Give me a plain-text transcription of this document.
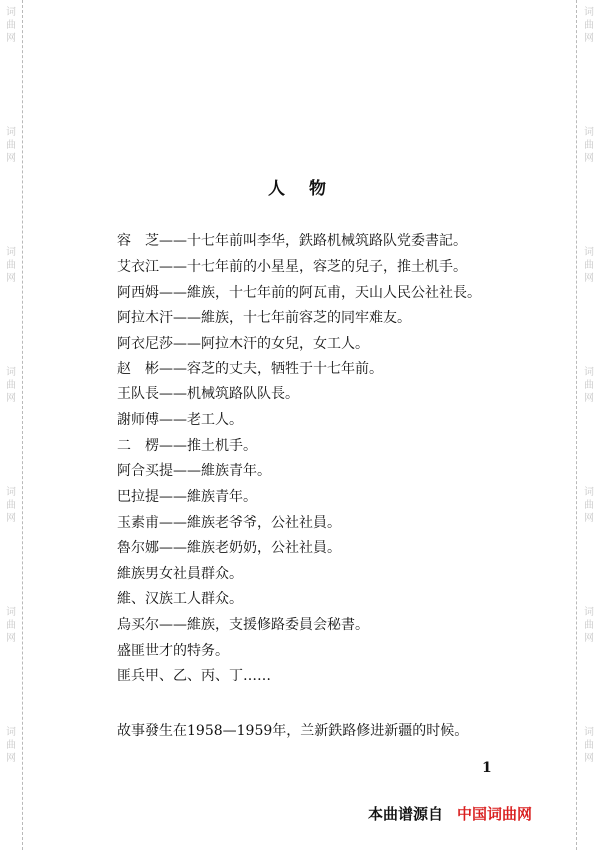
词
曲
网
词
曲
网
词
曲
网
词
曲
网
词
曲
网
词
曲
网
词
曲
网
词
曲
网
词
曲
网
词
曲
网
词
曲
网
词
曲
网
词
曲
网
词
曲
网
人物
容　芝——十七年前叫李华，鉄路机械筑路队党委書記。
艾衣江——十七年前的小星星，容芝的兒子，推土机手。
阿西姆——維族，十七年前的阿瓦甫，天山人民公社社長。
阿拉木汗——維族，十七年前容芝的同牢难友。
阿衣尼莎——阿拉木汗的女兒，女工人。
赵　彬——容芝的丈夫，牺牲于十七年前。
王队長——机械筑路队队長。
謝师傅——老工人。
二　楞——推土机手。
阿合买提——維族青年。
巴拉提——維族青年。
玉素甫——維族老爷爷，公社社員。
魯尔娜——維族老奶奶，公社社員。
維族男女社員群众。
維、汉族工人群众。
烏买尔——維族，支援修路委員会秘書。
盛匪世才的特务。
匪兵甲、乙、丙、丁……
故事發生在1958—1959年，兰新鉄路修进新疆的时候。
1
本曲谱源自 中国词曲网
